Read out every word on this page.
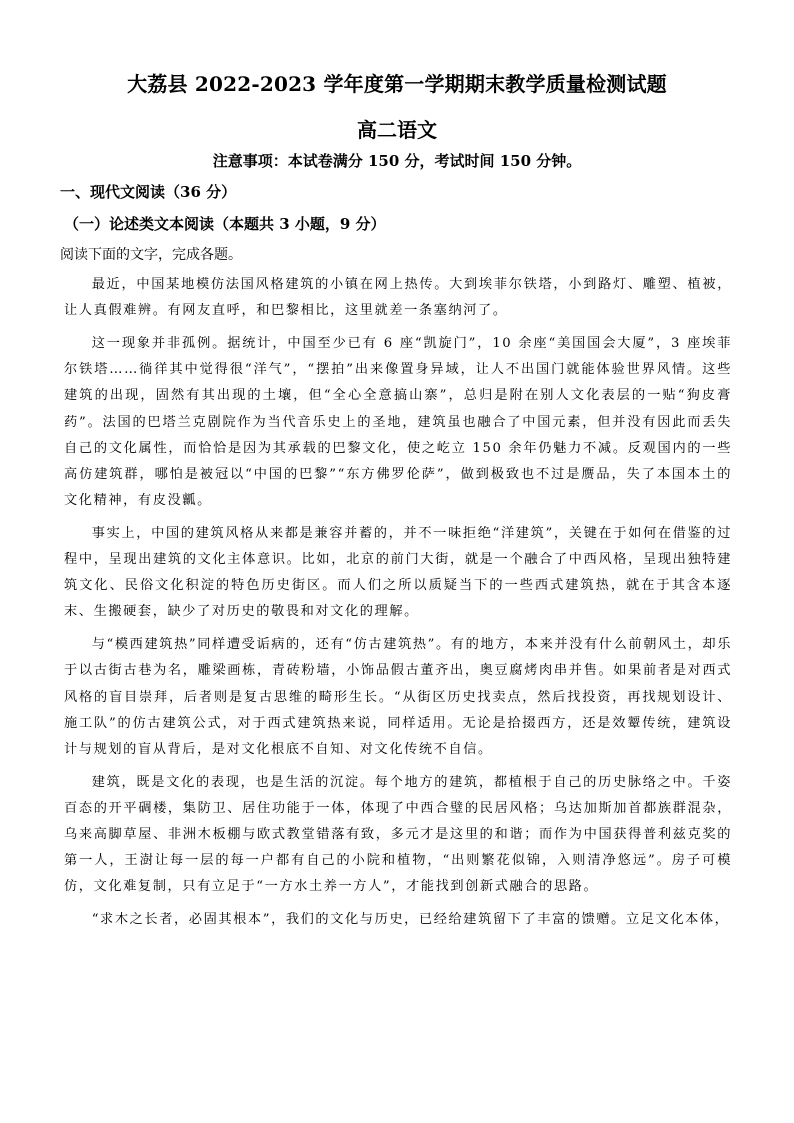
大荔县 2022-2023 学年度第一学期期末教学质量检测试题
高二语文
注意事项：本试卷满分 150 分，考试时间 150 分钟。
一、现代文阅读（36 分）
（一）论述类文本阅读（本题共 3 小题，9 分）
阅读下面的文字，完成各题。

最近，中国某地模仿法国风格建筑的小镇在网上热传。大到埃菲尔铁塔，小到路灯、雕塑、植被，让人真假难辨。有网友直呼，和巴黎相比，这里就差一条塞纳河了。

这一现象并非孤例。据统计，中国至少已有 6 座“凯旋门”，10 余座“美国国会大厦”，3 座埃菲尔铁塔……徜徉其中觉得很“洋气”，“摆拍”出来像置身异域，让人不出国门就能体验世界风情。这些建筑的出现，固然有其出现的土壤，但“全心全意搞山寨”，总归是附在别人文化表层的一贴“狗皮膏药”。法国的巴塔兰克剧院作为当代音乐史上的圣地，建筑虽也融合了中国元素，但并没有因此而丢失自己的文化属性，而恰恰是因为其承载的巴黎文化，使之屹立 150 余年仍魅力不减。反观国内的一些高仿建筑群，哪怕是被冠以“中国的巴黎”“东方佛罗伦萨”，做到极致也不过是赝品，失了本国本土的文化精神，有皮没瓤。

事实上，中国的建筑风格从来都是兼容并蓄的，并不一味拒绝“洋建筑”，关键在于如何在借鉴的过程中，呈现出建筑的文化主体意识。比如，北京的前门大街，就是一个融合了中西风格，呈现出独特建筑文化、民俗文化积淀的特色历史街区。而人们之所以质疑当下的一些西式建筑热，就在于其含本逐末、生搬硬套，缺少了对历史的敬畏和对文化的理解。

与“模西建筑热”同样遭受诟病的，还有“仿古建筑热”。有的地方，本来并没有什么前朝风土，却乐于以古街古巷为名，雕梁画栋，青砖粉墙，小饰品假古董齐出，奥豆腐烤肉串并售。如果前者是对西式风格的盲目崇拜，后者则是复古思维的畸形生长。“从街区历史找卖点，然后找投资，再找规划设计、施工队”的仿古建筑公式，对于西式建筑热来说，同样适用。无论是拾掇西方，还是效颦传统，建筑设计与规划的盲从背后，是对文化根底不自知、对文化传统不自信。

建筑，既是文化的表现，也是生活的沉淀。每个地方的建筑，都植根于自己的历史脉络之中。千姿百态的开平碉楼，集防卫、居住功能于一体，体现了中西合璧的民居风格；乌达加斯加首都族群混杂，乌来高脚草屋、非洲木板棚与欧式教堂错落有致，多元才是这里的和谐；而作为中国获得普利兹克奖的第一人，王澍让每一层的每一户都有自己的小院和植物，“出则繁花似锦，入则清净悠远”。房子可模仿，文化难复制，只有立足于“一方水土养一方人”，才能找到创新式融合的思路。

“求木之长者，必固其根本”，我们的文化与历史，已经给建筑留下了丰富的馈赠。立足文化本体，
